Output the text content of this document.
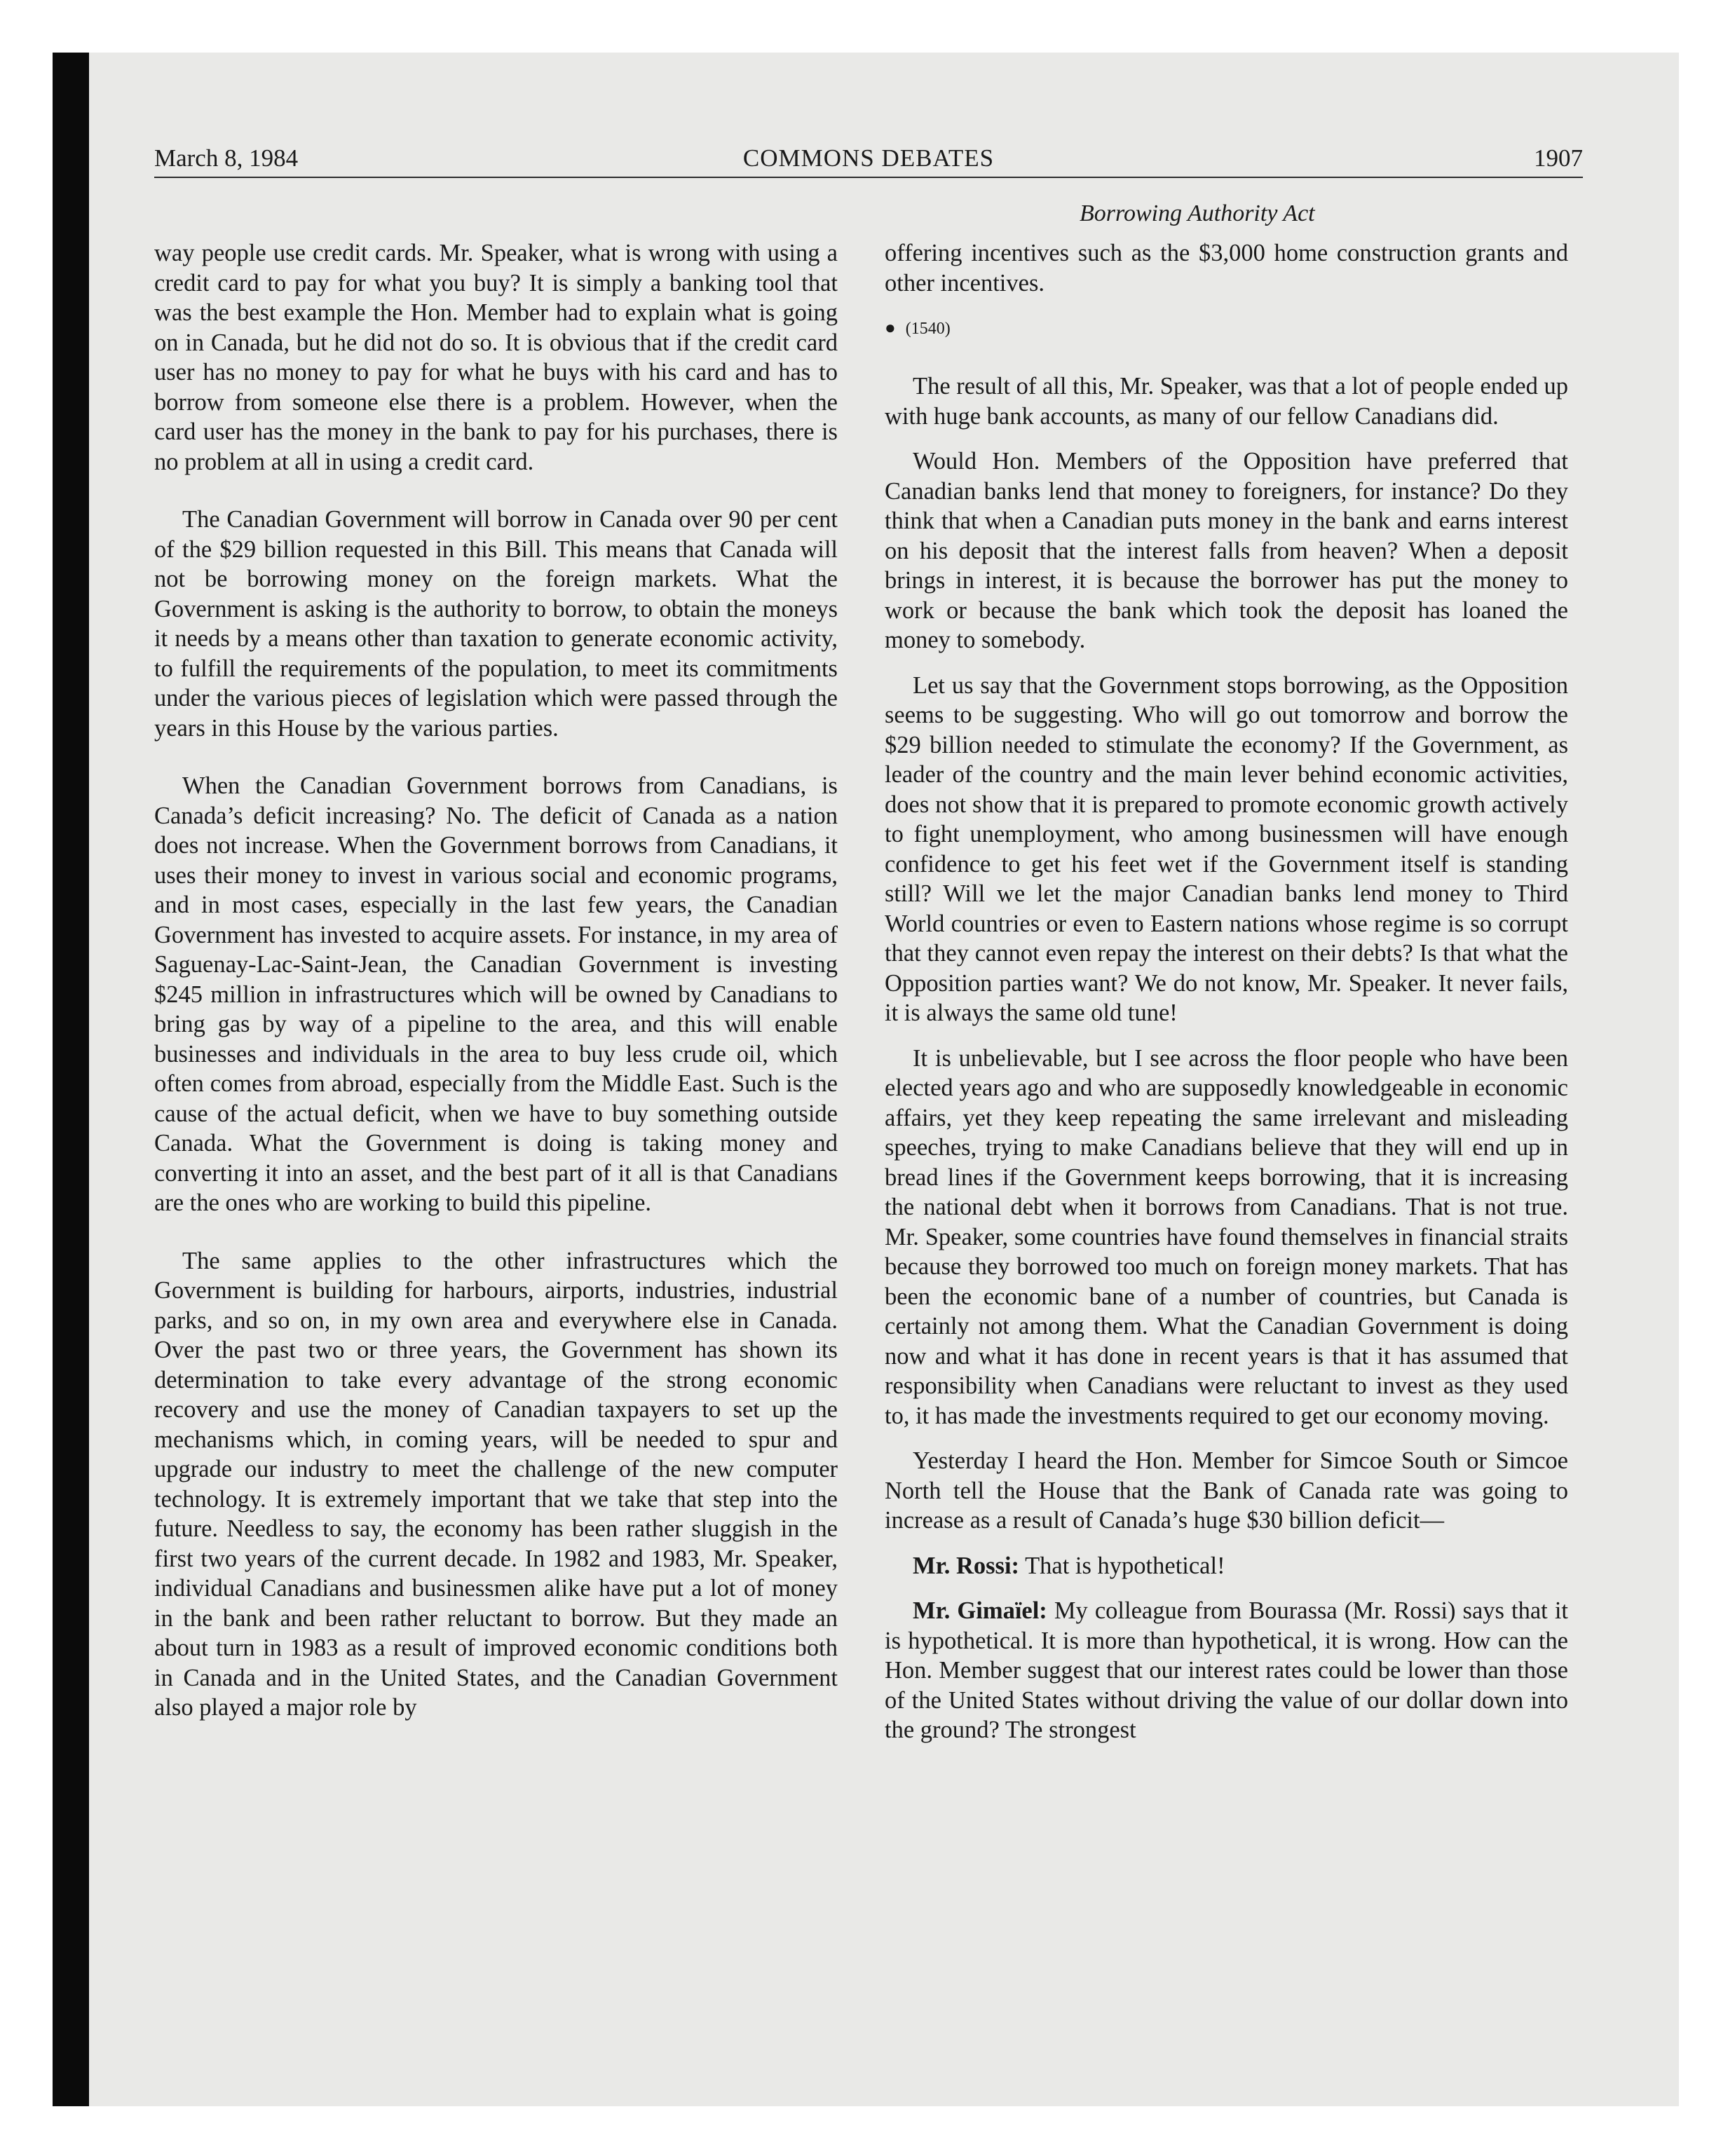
March 8, 1984	COMMONS DEBATES	1907
Borrowing Authority Act

way people use credit cards. Mr. Speaker, what is wrong with using a credit card to pay for what you buy? It is simply a banking tool that was the best example the Hon. Member had to explain what is going on in Canada, but he did not do so. It is obvious that if the credit card user has no money to pay for what he buys with his card and has to borrow from someone else there is a problem. However, when the card user has the money in the bank to pay for his purchases, there is no problem at all in using a credit card.

The Canadian Government will borrow in Canada over 90 per cent of the $29 billion requested in this Bill. This means that Canada will not be borrowing money on the foreign markets. What the Government is asking is the authority to borrow, to obtain the moneys it needs by a means other than taxation to generate economic activity, to fulfill the requirements of the population, to meet its commitments under the various pieces of legislation which were passed through the years in this House by the various parties.

When the Canadian Government borrows from Canadians, is Canada’s deficit increasing? No. The deficit of Canada as a nation does not increase. When the Government borrows from Canadians, it uses their money to invest in various social and economic programs, and in most cases, especially in the last few years, the Canadian Government has invested to acquire assets. For instance, in my area of Saguenay-Lac-Saint-Jean, the Canadian Government is investing $245 million in infrastructures which will be owned by Canadians to bring gas by way of a pipeline to the area, and this will enable businesses and individuals in the area to buy less crude oil, which often comes from abroad, especially from the Middle East. Such is the cause of the actual deficit, when we have to buy something outside Canada. What the Government is doing is taking money and converting it into an asset, and the best part of it all is that Canadians are the ones who are working to build this pipeline.

The same applies to the other infrastructures which the Government is building for harbours, airports, industries, industrial parks, and so on, in my own area and everywhere else in Canada. Over the past two or three years, the Government has shown its determination to take every advantage of the strong economic recovery and use the money of Canadian taxpayers to set up the mechanisms which, in coming years, will be needed to spur and upgrade our industry to meet the challenge of the new computer technology. It is extremely important that we take that step into the future. Needless to say, the economy has been rather sluggish in the first two years of the current decade. In 1982 and 1983, Mr. Speaker, individual Canadians and businessmen alike have put a lot of money in the bank and been rather reluctant to borrow. But they made an about turn in 1983 as a result of improved economic conditions both in Canada and in the United States, and the Canadian Government also played a major role by

offering incentives such as the $3,000 home construction grants and other incentives.

● (1540)

The result of all this, Mr. Speaker, was that a lot of people ended up with huge bank accounts, as many of our fellow Canadians did.

Would Hon. Members of the Opposition have preferred that Canadian banks lend that money to foreigners, for instance? Do they think that when a Canadian puts money in the bank and earns interest on his deposit that the interest falls from heaven? When a deposit brings in interest, it is because the borrower has put the money to work or because the bank which took the deposit has loaned the money to somebody.

Let us say that the Government stops borrowing, as the Opposition seems to be suggesting. Who will go out tomorrow and borrow the $29 billion needed to stimulate the economy? If the Government, as leader of the country and the main lever behind economic activities, does not show that it is prepared to promote economic growth actively to fight unemployment, who among businessmen will have enough confidence to get his feet wet if the Government itself is standing still? Will we let the major Canadian banks lend money to Third World countries or even to Eastern nations whose regime is so corrupt that they cannot even repay the interest on their debts? Is that what the Opposition parties want? We do not know, Mr. Speaker. It never fails, it is always the same old tune!

It is unbelievable, but I see across the floor people who have been elected years ago and who are supposedly knowledgeable in economic affairs, yet they keep repeating the same irrelevant and misleading speeches, trying to make Canadians believe that they will end up in bread lines if the Government keeps borrowing, that it is increasing the national debt when it borrows from Canadians. That is not true. Mr. Speaker, some countries have found themselves in financial straits because they borrowed too much on foreign money markets. That has been the economic bane of a number of countries, but Canada is certainly not among them. What the Canadian Government is doing now and what it has done in recent years is that it has assumed that responsibility when Canadians were reluctant to invest as they used to, it has made the investments required to get our economy moving.

Yesterday I heard the Hon. Member for Simcoe South or Simcoe North tell the House that the Bank of Canada rate was going to increase as a result of Canada’s huge $30 billion deficit—

Mr. Rossi: That is hypothetical!

Mr. Gimaïel: My colleague from Bourassa (Mr. Rossi) says that it is hypothetical. It is more than hypothetical, it is wrong. How can the Hon. Member suggest that our interest rates could be lower than those of the United States without driving the value of our dollar down into the ground? The strongest
